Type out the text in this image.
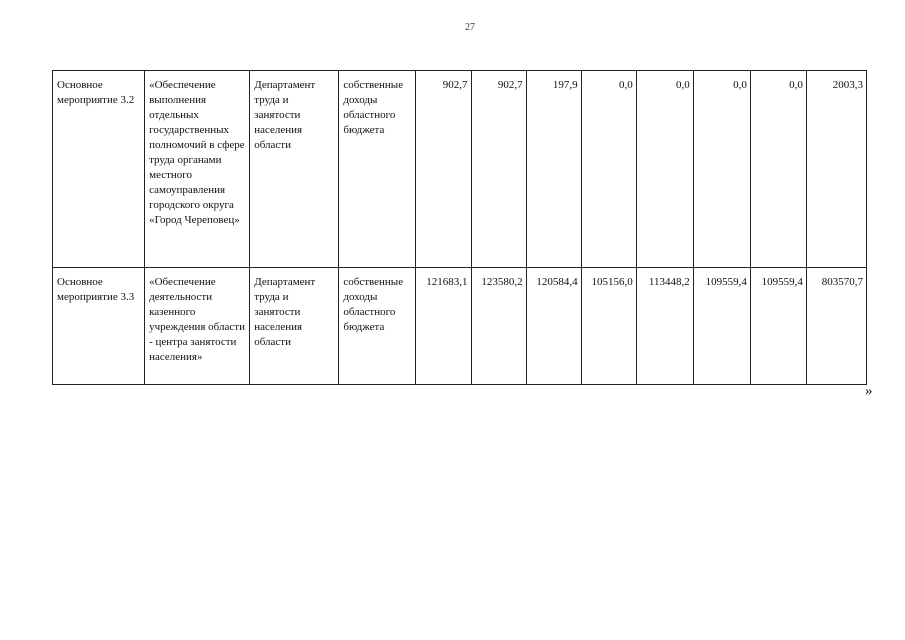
27
Основное мероприятие 3.2	«Обеспечение выполнения отдельных государственных полномочий в сфере труда органами местного самоуправления городского округа «Город Череповец»	Департамент труда и занятости населения области	собственные доходы областного бюджета	902,7	902,7	197,9	0,0	0,0	0,0	0,0	2003,3
Основное мероприятие 3.3	«Обеспечение деятельности казенного учреждения области - центра занятости населения»	Департамент труда и занятости населения области	собственные доходы областного бюджета	121683,1	123580,2	120584,4	105156,0	113448,2	109559,4	109559,4	803570,7
»
